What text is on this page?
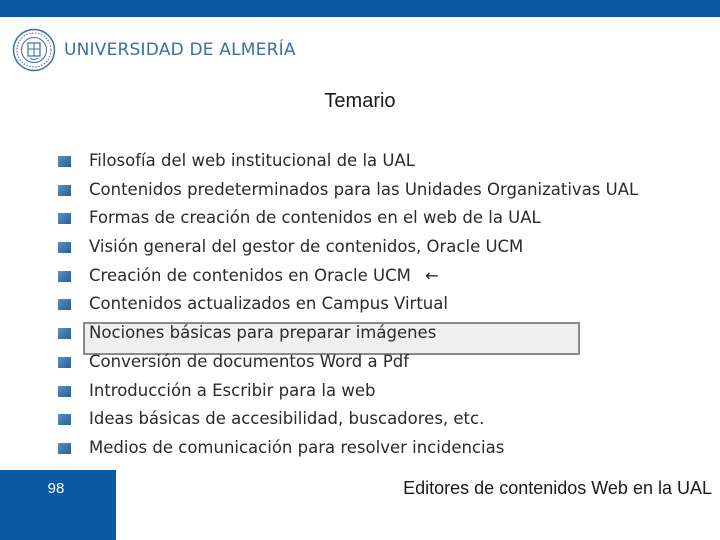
UNIVERSIDAD DE ALMERÍA
Temario
Filosofía del web institucional de la UAL
Contenidos predeterminados para las Unidades Organizativas UAL
Formas de creación de contenidos en el web de la UAL
Visión general del gestor de contenidos, Oracle UCM
Creación de contenidos en Oracle UCM ←
Contenidos actualizados en Campus Virtual
Nociones básicas para preparar imágenes
Conversión de documentos Word a Pdf
Introducción a Escribir para la web
Ideas básicas de accesibilidad, buscadores, etc.
Medios de comunicación para resolver incidencias
98	Editores de contenidos Web en la UAL
